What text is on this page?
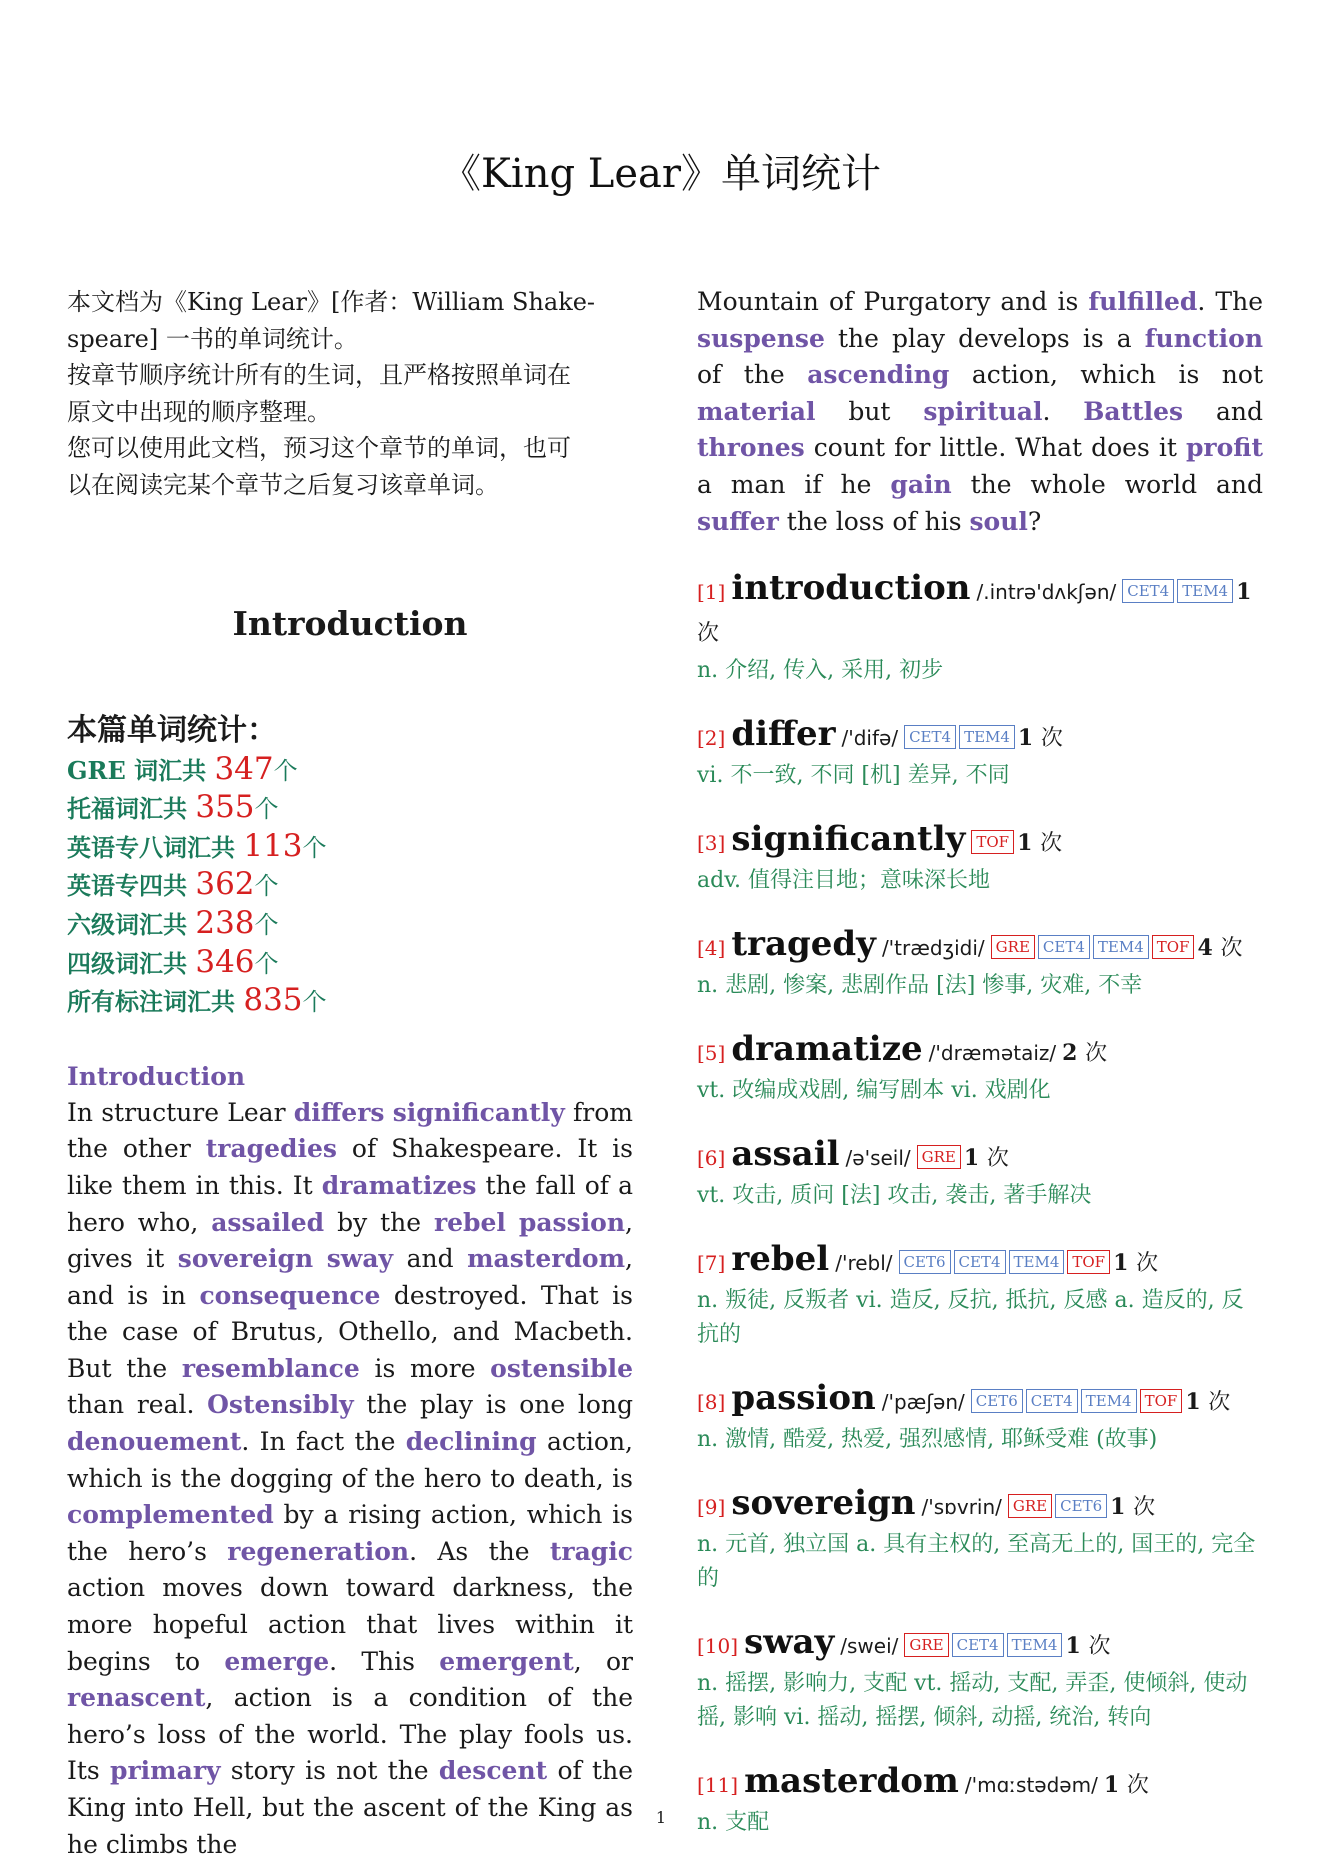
《King Lear》单词统计
本文档为《King Lear》[作者：William Shake-
speare] 一书的单词统计。
按章节顺序统计所有的生词，且严格按照单词在
原文中出现的顺序整理。
您可以使用此文档，预习这个章节的单词，也可
以在阅读完某个章节之后复习该章单词。
Introduction
本篇单词统计：
GRE 词汇共 347个
托福词汇共 355个
英语专八词汇共 113个
英语专四共 362个
六级词汇共 238个
四级词汇共 346个
所有标注词汇共 835个
Introduction
In structure Lear differs significantly from the other tragedies of Shakespeare. It is like them in this. It dramatizes the fall of a hero who, assailed by the rebel passion, gives it sovereign sway and masterdom, and is in consequence destroyed. That is the case of Brutus, Othello, and Macbeth. But the resemblance is more ostensible than real. Ostensibly the play is one long denouement. In fact the declining action, which is the dogging of the hero to death, is complemented by a rising action, which is the hero’s regeneration. As the tragic action moves down toward darkness, the more hopeful action that lives within it begins to emerge. This emergent, or renascent, action is a condition of the hero’s loss of the world. The play fools us. Its primary story is not the descent of the King into Hell, but the ascent of the King as he climbs the
Mountain of Purgatory and is fulfilled. The suspense the play develops is a function of the ascending action, which is not material but spiritual. Battles and thrones count for little. What does it profit a man if he gain the whole world and suffer the loss of his soul?
[1] introduction /.intrə'dʌkʃən/ CET4 TEM4 1 次
n. 介绍, 传入, 采用, 初步
[2] differ /'difə/ CET4 TEM4 1 次
vi. 不一致, 不同 [机] 差异, 不同
[3] significantly TOF 1 次
adv. 值得注目地；意味深长地
[4] tragedy /'trædʒidi/ GRE CET4 TEM4 TOF 4 次
n. 悲剧, 惨案, 悲剧作品 [法] 惨事, 灾难, 不幸
[5] dramatize /'dræmətaiz/ 2 次
vt. 改编成戏剧, 编写剧本 vi. 戏剧化
[6] assail /ə'seil/ GRE 1 次
vt. 攻击, 质问 [法] 攻击, 袭击, 著手解决
[7] rebel /'rebl/ CET6 CET4 TEM4 TOF 1 次
n. 叛徒, 反叛者 vi. 造反, 反抗, 抵抗, 反感 a. 造反的, 反抗的
[8] passion /'pæʃən/ CET6 CET4 TEM4 TOF 1 次
n. 激情, 酷爱, 热爱, 强烈感情, 耶稣受难 (故事)
[9] sovereign /'sɒvrin/ GRE CET6 1 次
n. 元首, 独立国 a. 具有主权的, 至高无上的, 国王的, 完全的
[10] sway /swei/ GRE CET4 TEM4 1 次
n. 摇摆, 影响力, 支配 vt. 摇动, 支配, 弄歪, 使倾斜, 使动摇, 影响 vi. 摇动, 摇摆, 倾斜, 动摇, 统治, 转向
[11] masterdom /'mɑːstədəm/ 1 次
n. 支配
1
